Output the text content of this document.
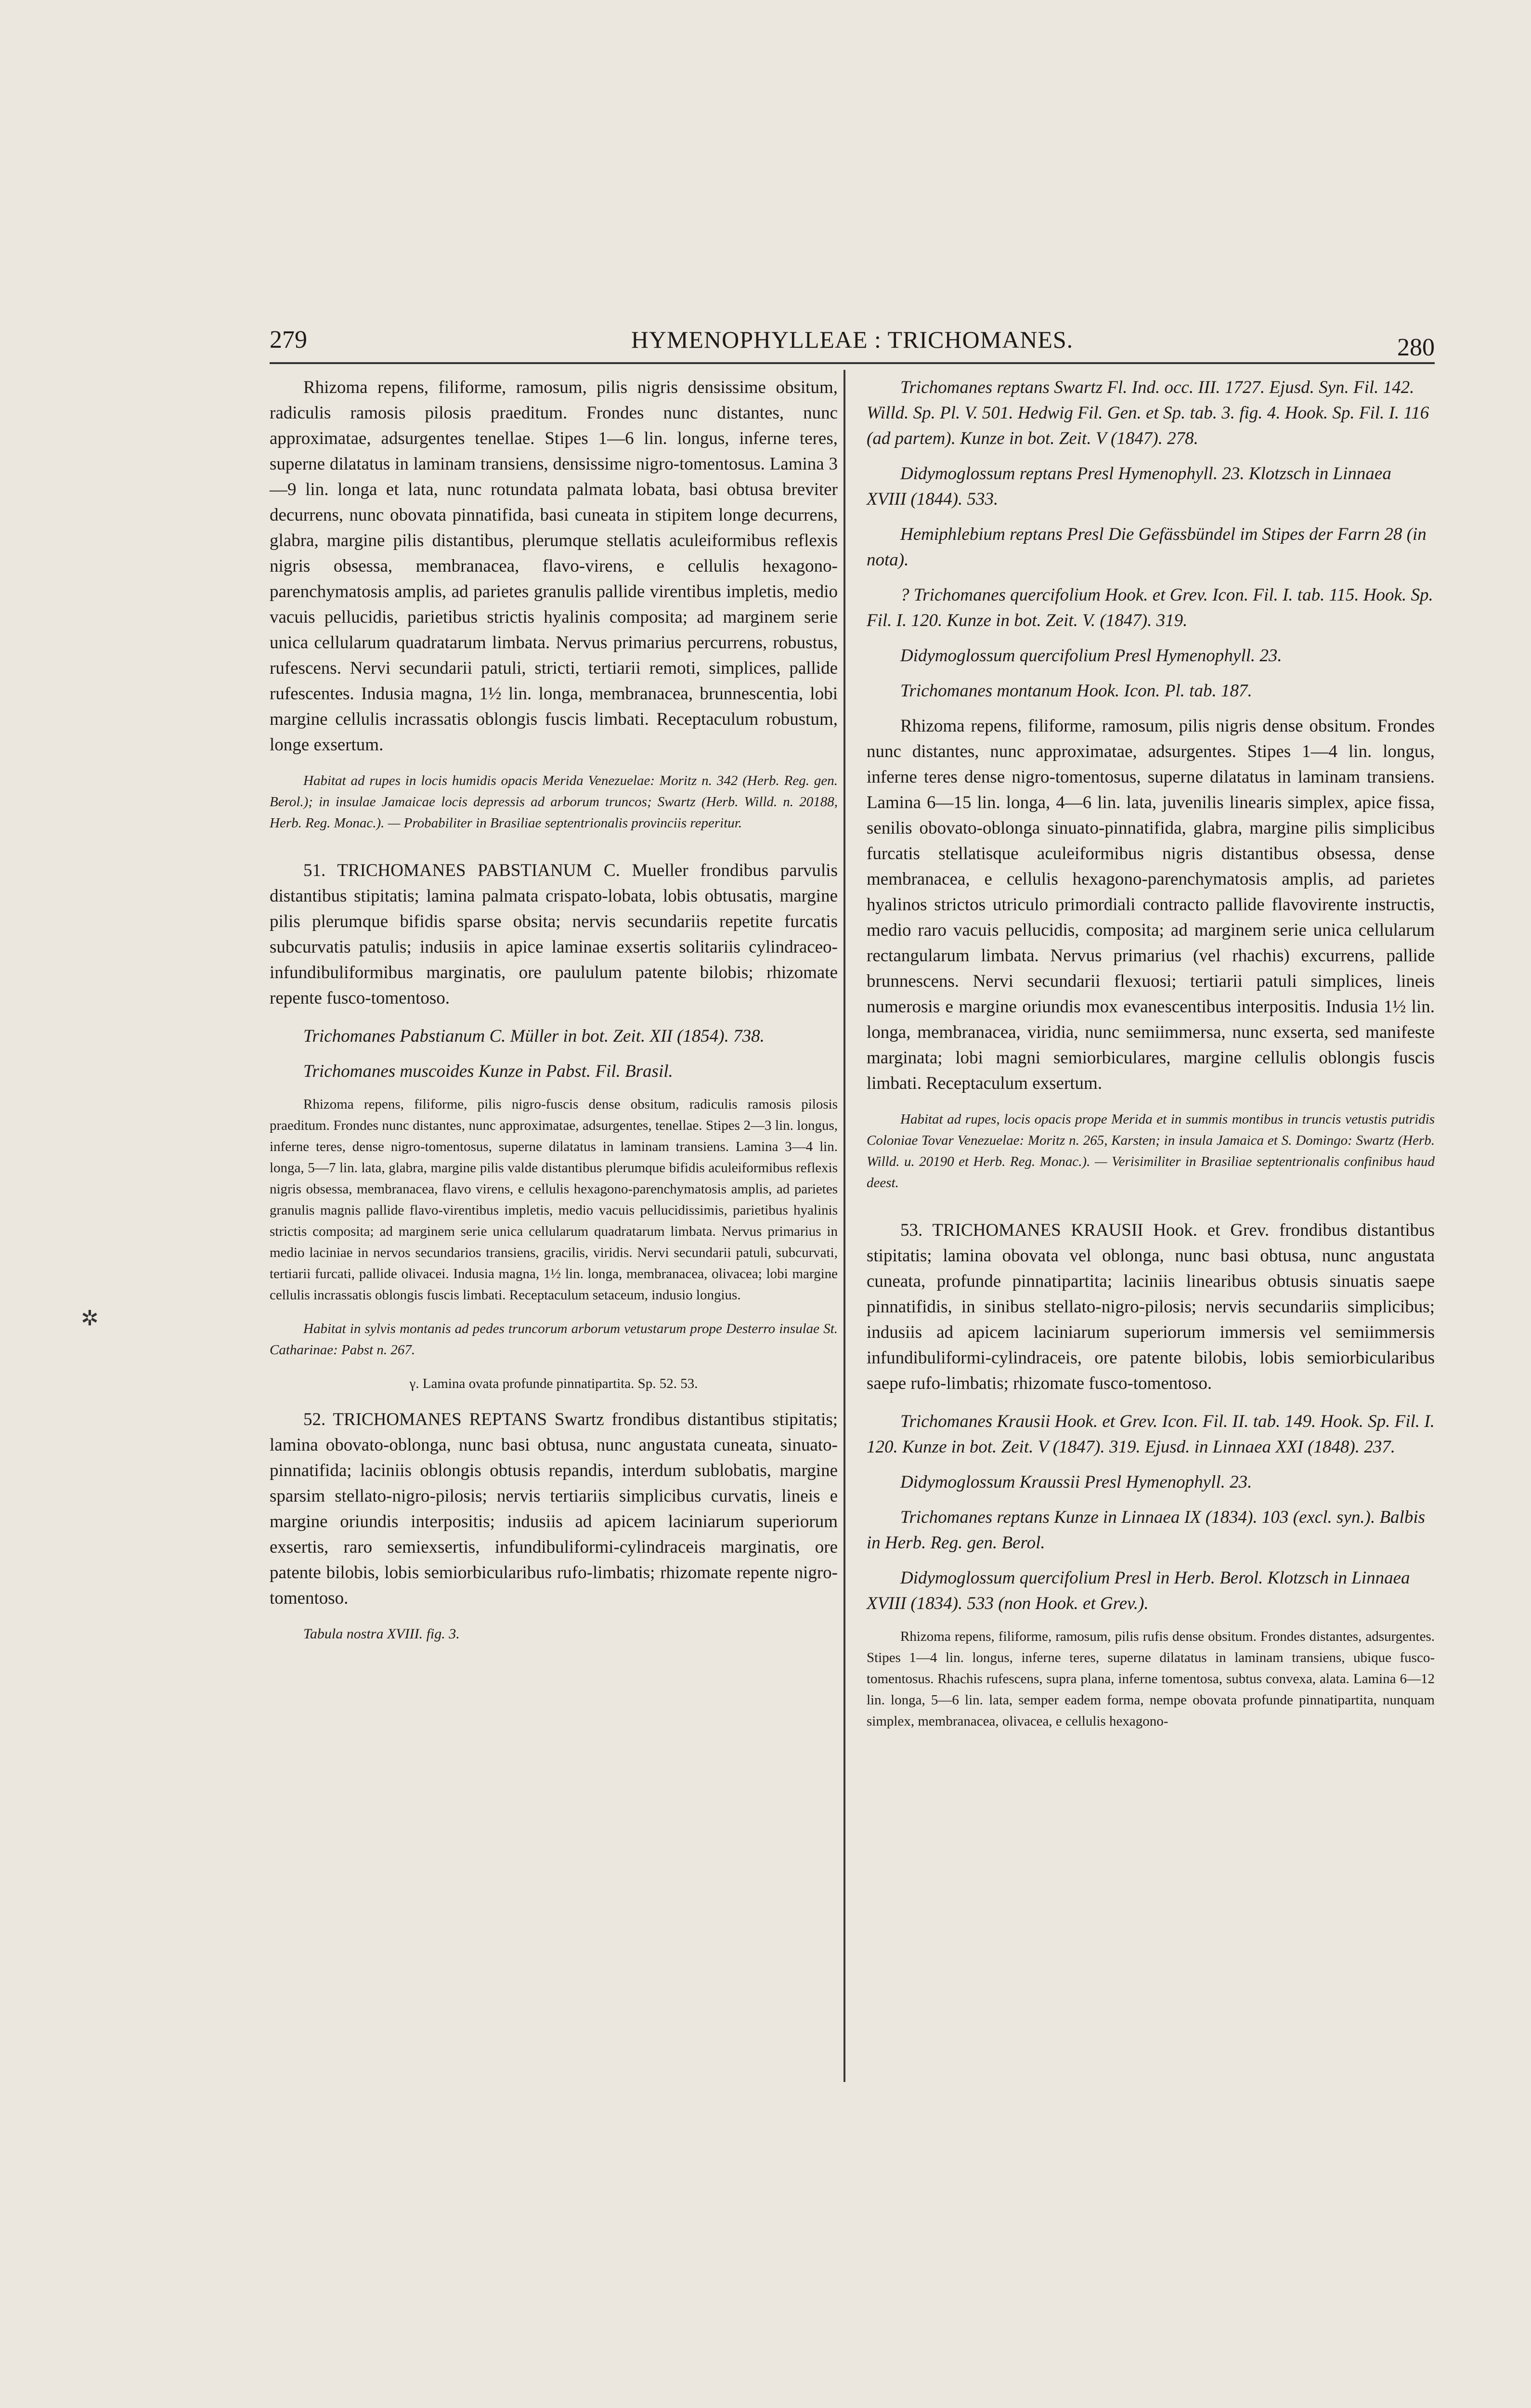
279	HYMENOPHYLLEAE : TRICHOMANES.	280
✲

Rhizoma repens, filiforme, ramosum, pilis nigris densissime obsitum, radiculis ramosis pilosis praeditum. Frondes nunc distantes, nunc approximatae, adsurgentes tenellae. Stipes 1—6 lin. longus, inferne teres, superne dilatatus in laminam transiens, densissime nigro-tomentosus. Lamina 3—9 lin. longa et lata, nunc rotundata palmata lobata, basi obtusa breviter decurrens, nunc obovata pinnatifida, basi cuneata in stipitem longe decurrens, glabra, margine pilis distantibus, plerumque stellatis aculeiformibus reflexis nigris obsessa, membranacea, flavo-virens, e cellulis hexagono-parenchymatosis amplis, ad parietes granulis pallide virentibus impletis, medio vacuis pellucidis, parietibus strictis hyalinis composita; ad marginem serie unica cellularum quadratarum limbata. Nervus primarius percurrens, robustus, rufescens. Nervi secundarii patuli, stricti, tertiarii remoti, simplices, pallide rufescentes. Indusia magna, 1½ lin. longa, membranacea, brunnescentia, lobi margine cellulis incrassatis oblongis fuscis limbati. Receptaculum robustum, longe exsertum.

Habitat ad rupes in locis humidis opacis Merida Venezuelae: Moritz n. 342 (Herb. Reg. gen. Berol.); in insulae Jamaicae locis depressis ad arborum truncos; Swartz (Herb. Willd. n. 20188, Herb. Reg. Monac.). — Probabiliter in Brasiliae septentrionalis provinciis reperitur.

51. TRICHOMANES PABSTIANUM C. Mueller frondibus parvulis distantibus stipitatis; lamina palmata crispato-lobata, lobis obtusatis, margine pilis plerumque bifidis sparse obsita; nervis secundariis repetite furcatis subcurvatis patulis; indusiis in apice laminae exsertis solitariis cylindraceo-infundibuliformibus marginatis, ore paululum patente bilobis; rhizomate repente fusco-tomentoso.

Trichomanes Pabstianum C. Müller in bot. Zeit. XII (1854). 738.

Trichomanes muscoides Kunze in Pabst. Fil. Brasil.

Rhizoma repens, filiforme, pilis nigro-fuscis dense obsitum, radiculis ramosis pilosis praeditum. Frondes nunc distantes, nunc approximatae, adsurgentes, tenellae. Stipes 2—3 lin. longus, inferne teres, dense nigro-tomentosus, superne dilatatus in laminam transiens. Lamina 3—4 lin. longa, 5—7 lin. lata, glabra, margine pilis valde distantibus plerumque bifidis aculeiformibus reflexis nigris obsessa, membranacea, flavo virens, e cellulis hexagono-parenchymatosis amplis, ad parietes granulis magnis pallide flavo-virentibus impletis, medio vacuis pellucidissimis, parietibus hyalinis strictis composita; ad marginem serie unica cellularum quadratarum limbata. Nervus primarius in medio laciniae in nervos secundarios transiens, gracilis, viridis. Nervi secundarii patuli, subcurvati, tertiarii furcati, pallide olivacei. Indusia magna, 1½ lin. longa, membranacea, olivacea; lobi margine cellulis incrassatis oblongis fuscis limbati. Receptaculum setaceum, indusio longius.

Habitat in sylvis montanis ad pedes truncorum arborum vetustarum prope Desterro insulae St. Catharinae: Pabst n. 267.

γ. Lamina ovata profunde pinnatipartita. Sp. 52. 53.

52. TRICHOMANES REPTANS Swartz frondibus distantibus stipitatis; lamina obovato-oblonga, nunc basi obtusa, nunc angustata cuneata, sinuato-pinnatifida; laciniis oblongis obtusis repandis, interdum sublobatis, margine sparsim stellato-nigro-pilosis; nervis tertiariis simplicibus curvatis, lineis e margine oriundis interpositis; indusiis ad apicem laciniarum superiorum exsertis, raro semiexsertis, infundibuliformi-cylindraceis marginatis, ore patente bilobis, lobis semiorbicularibus rufo-limbatis; rhizomate repente nigro-tomentoso.

Tabula nostra XVIII. fig. 3.

Trichomanes reptans Swartz Fl. Ind. occ. III. 1727. Ejusd. Syn. Fil. 142. Willd. Sp. Pl. V. 501. Hedwig Fil. Gen. et Sp. tab. 3. fig. 4. Hook. Sp. Fil. I. 116 (ad partem). Kunze in bot. Zeit. V (1847). 278.

Didymoglossum reptans Presl Hymenophyll. 23. Klotzsch in Linnaea XVIII (1844). 533.

Hemiphlebium reptans Presl Die Gefässbündel im Stipes der Farrn 28 (in nota).

? Trichomanes quercifolium Hook. et Grev. Icon. Fil. I. tab. 115. Hook. Sp. Fil. I. 120. Kunze in bot. Zeit. V. (1847). 319.

Didymoglossum quercifolium Presl Hymenophyll. 23.

Trichomanes montanum Hook. Icon. Pl. tab. 187.

Rhizoma repens, filiforme, ramosum, pilis nigris dense obsitum. Frondes nunc distantes, nunc approximatae, adsurgentes. Stipes 1—4 lin. longus, inferne teres dense nigro-tomentosus, superne dilatatus in laminam transiens. Lamina 6—15 lin. longa, 4—6 lin. lata, juvenilis linearis simplex, apice fissa, senilis obovato-oblonga sinuato-pinnatifida, glabra, margine pilis simplicibus furcatis stellatisque aculeiformibus nigris distantibus obsessa, dense membranacea, e cellulis hexagono-parenchymatosis amplis, ad parietes hyalinos strictos utriculo primordiali contracto pallide flavovirente instructis, medio raro vacuis pellucidis, composita; ad marginem serie unica cellularum rectangularum limbata. Nervus primarius (vel rhachis) excurrens, pallide brunnescens. Nervi secundarii flexuosi; tertiarii patuli simplices, lineis numerosis e margine oriundis mox evanescentibus interpositis. Indusia 1½ lin. longa, membranacea, viridia, nunc semiimmersa, nunc exserta, sed manifeste marginata; lobi magni semiorbiculares, margine cellulis oblongis fuscis limbati. Receptaculum exsertum.

Habitat ad rupes, locis opacis prope Merida et in summis montibus in truncis vetustis putridis Coloniae Tovar Venezuelae: Moritz n. 265, Karsten; in insula Jamaica et S. Domingo: Swartz (Herb. Willd. u. 20190 et Herb. Reg. Monac.). — Verisimiliter in Brasiliae septentrionalis confinibus haud deest.

53. TRICHOMANES KRAUSII Hook. et Grev. frondibus distantibus stipitatis; lamina obovata vel oblonga, nunc basi obtusa, nunc angustata cuneata, profunde pinnatipartita; laciniis linearibus obtusis sinuatis saepe pinnatifidis, in sinibus stellato-nigro-pilosis; nervis secundariis simplicibus; indusiis ad apicem laciniarum superiorum immersis vel semiimmersis infundibuliformi-cylindraceis, ore patente bilobis, lobis semiorbicularibus saepe rufo-limbatis; rhizomate fusco-tomentoso.

Trichomanes Krausii Hook. et Grev. Icon. Fil. II. tab. 149. Hook. Sp. Fil. I. 120. Kunze in bot. Zeit. V (1847). 319. Ejusd. in Linnaea XXI (1848). 237.

Didymoglossum Kraussii Presl Hymenophyll. 23.

Trichomanes reptans Kunze in Linnaea IX (1834). 103 (excl. syn.). Balbis in Herb. Reg. gen. Berol.

Didymoglossum quercifolium Presl in Herb. Berol. Klotzsch in Linnaea XVIII (1834). 533 (non Hook. et Grev.).

Rhizoma repens, filiforme, ramosum, pilis rufis dense obsitum. Frondes distantes, adsurgentes. Stipes 1—4 lin. longus, inferne teres, superne dilatatus in laminam transiens, ubique fusco-tomentosus. Rhachis rufescens, supra plana, inferne tomentosa, subtus convexa, alata. Lamina 6—12 lin. longa, 5—6 lin. lata, semper eadem forma, nempe obovata profunde pinnatipartita, nunquam simplex, membranacea, olivacea, e cellulis hexagono-
